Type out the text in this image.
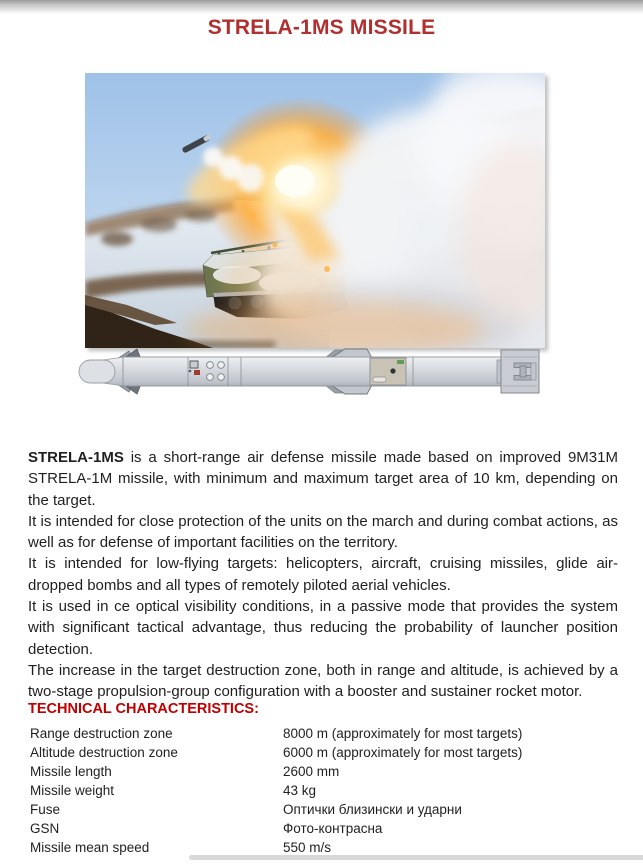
STRELA-1MS MISSILE

STRELA-1MS is a short-range air defense missile made based on improved 9M31M STRELA-1M missile, with minimum and maximum target area of 10 km, depending on the target.

It is intended for close protection of the units on the march and during combat actions, as well as for defense of important facilities on the territory.

It is intended for low-flying targets: helicopters, aircraft, cruising missiles, glide air-dropped bombs and all types of remotely piloted aerial vehicles.

It is used in ce optical visibility conditions, in a passive mode that provides the system with significant tactical advantage, thus reducing the probability of launcher position detection.

The increase in the target destruction zone, both in range and altitude, is achieved by a two-stage propulsion-group configuration with a booster and sustainer rocket motor.

TECHNICAL CHARACTERISTICS:
Range destruction zone	8000 m (approximately for most targets)
Altitude destruction zone	6000 m (approximately for most targets)
Missile length	2600 mm
Missile weight	43 kg
Fuse	Оптички близински и ударни
GSN	Фото-контрасна
Missile mean speed	550 m/s
